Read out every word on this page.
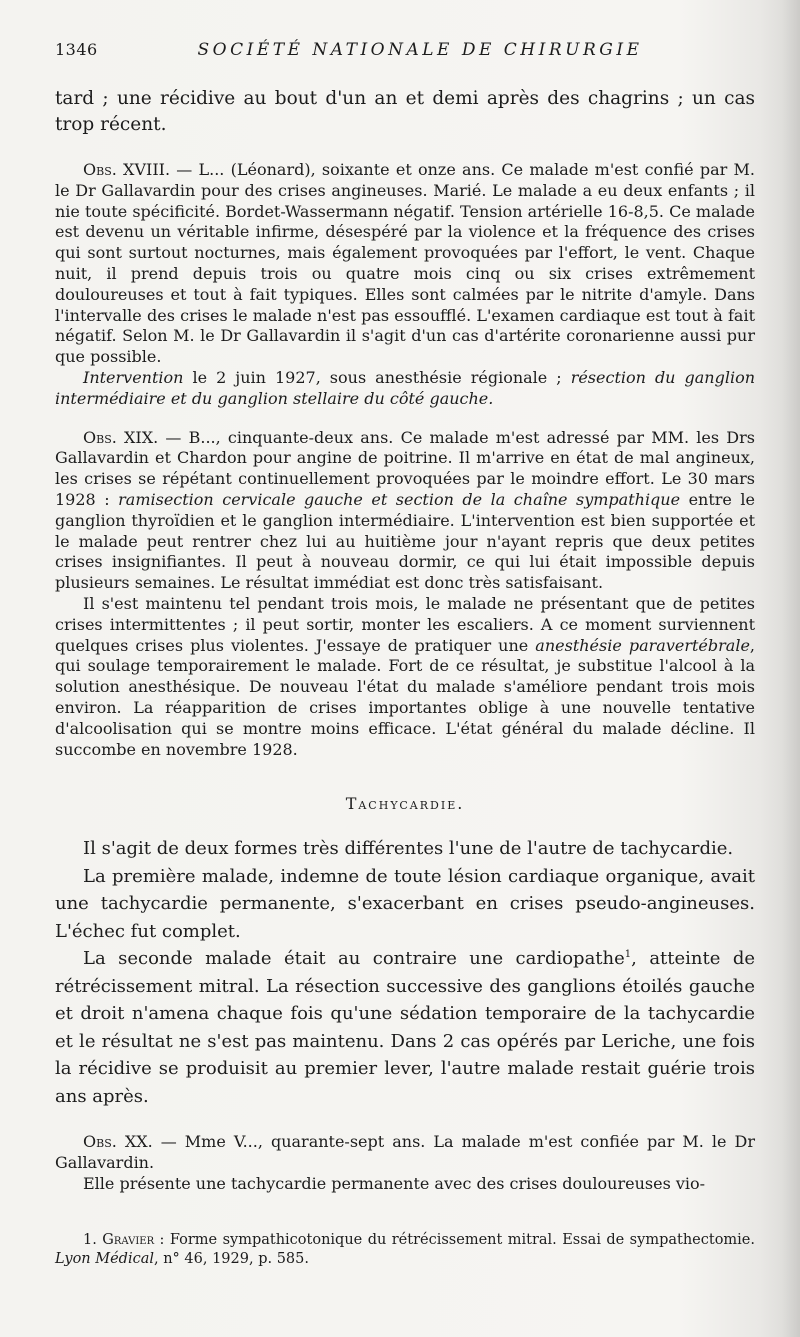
1346	SOCIÉTÉ NATIONALE DE CHIRURGIE

tard ; une récidive au bout d'un an et demi après des chagrins ; un cas trop récent.

Obs. XVIII. — L... (Léonard), soixante et onze ans. Ce malade m'est confié par M. le Dr Gallavardin pour des crises angineuses. Marié. Le malade a eu deux enfants ; il nie toute spécificité. Bordet-Wassermann négatif. Tension artérielle 16-8,5. Ce malade est devenu un véritable infirme, désespéré par la violence et la fréquence des crises qui sont surtout nocturnes, mais également provoquées par l'effort, le vent. Chaque nuit, il prend depuis trois ou quatre mois cinq ou six crises extrêmement douloureuses et tout à fait typiques. Elles sont calmées par le nitrite d'amyle. Dans l'intervalle des crises le malade n'est pas essoufflé. L'examen cardiaque est tout à fait négatif. Selon M. le Dr Gallavardin il s'agit d'un cas d'artérite coronarienne aussi pur que possible.

Intervention le 2 juin 1927, sous anesthésie régionale ; résection du ganglion intermédiaire et du ganglion stellaire du côté gauche.

Obs. XIX. — B..., cinquante-deux ans. Ce malade m'est adressé par MM. les Drs Gallavardin et Chardon pour angine de poitrine. Il m'arrive en état de mal angineux, les crises se répétant continuellement provoquées par le moindre effort. Le 30 mars 1928 : ramisection cervicale gauche et section de la chaîne sympathique entre le ganglion thyroïdien et le ganglion intermédiaire. L'intervention est bien supportée et le malade peut rentrer chez lui au huitième jour n'ayant repris que deux petites crises insignifiantes. Il peut à nouveau dormir, ce qui lui était impossible depuis plusieurs semaines. Le résultat immédiat est donc très satisfaisant.

Il s'est maintenu tel pendant trois mois, le malade ne présentant que de petites crises intermittentes ; il peut sortir, monter les escaliers. A ce moment surviennent quelques crises plus violentes. J'essaye de pratiquer une anesthésie paravertébrale, qui soulage temporairement le malade. Fort de ce résultat, je substitue l'alcool à la solution anesthésique. De nouveau l'état du malade s'améliore pendant trois mois environ. La réapparition de crises importantes oblige à une nouvelle tentative d'alcoolisation qui se montre moins efficace. L'état général du malade décline. Il succombe en novembre 1928.

Tachycardie.

Il s'agit de deux formes très différentes l'une de l'autre de tachycardie.

La première malade, indemne de toute lésion cardiaque organique, avait une tachycardie permanente, s'exacerbant en crises pseudo-angineuses. L'échec fut complet.

La seconde malade était au contraire une cardiopathe$^1$, atteinte de rétrécissement mitral. La résection successive des ganglions étoilés gauche et droit n'amena chaque fois qu'une sédation temporaire de la tachycardie et le résultat ne s'est pas maintenu. Dans 2 cas opérés par Leriche, une fois la récidive se produisit au premier lever, l'autre malade restait guérie trois ans après.

Obs. XX. — Mme V..., quarante-sept ans. La malade m'est confiée par M. le Dr Gallavardin.

Elle présente une tachycardie permanente avec des crises douloureuses vio-

1. Gravier : Forme sympathicotonique du rétrécissement mitral. Essai de sympathectomie. Lyon Médical, n° 46, 1929, p. 585.
